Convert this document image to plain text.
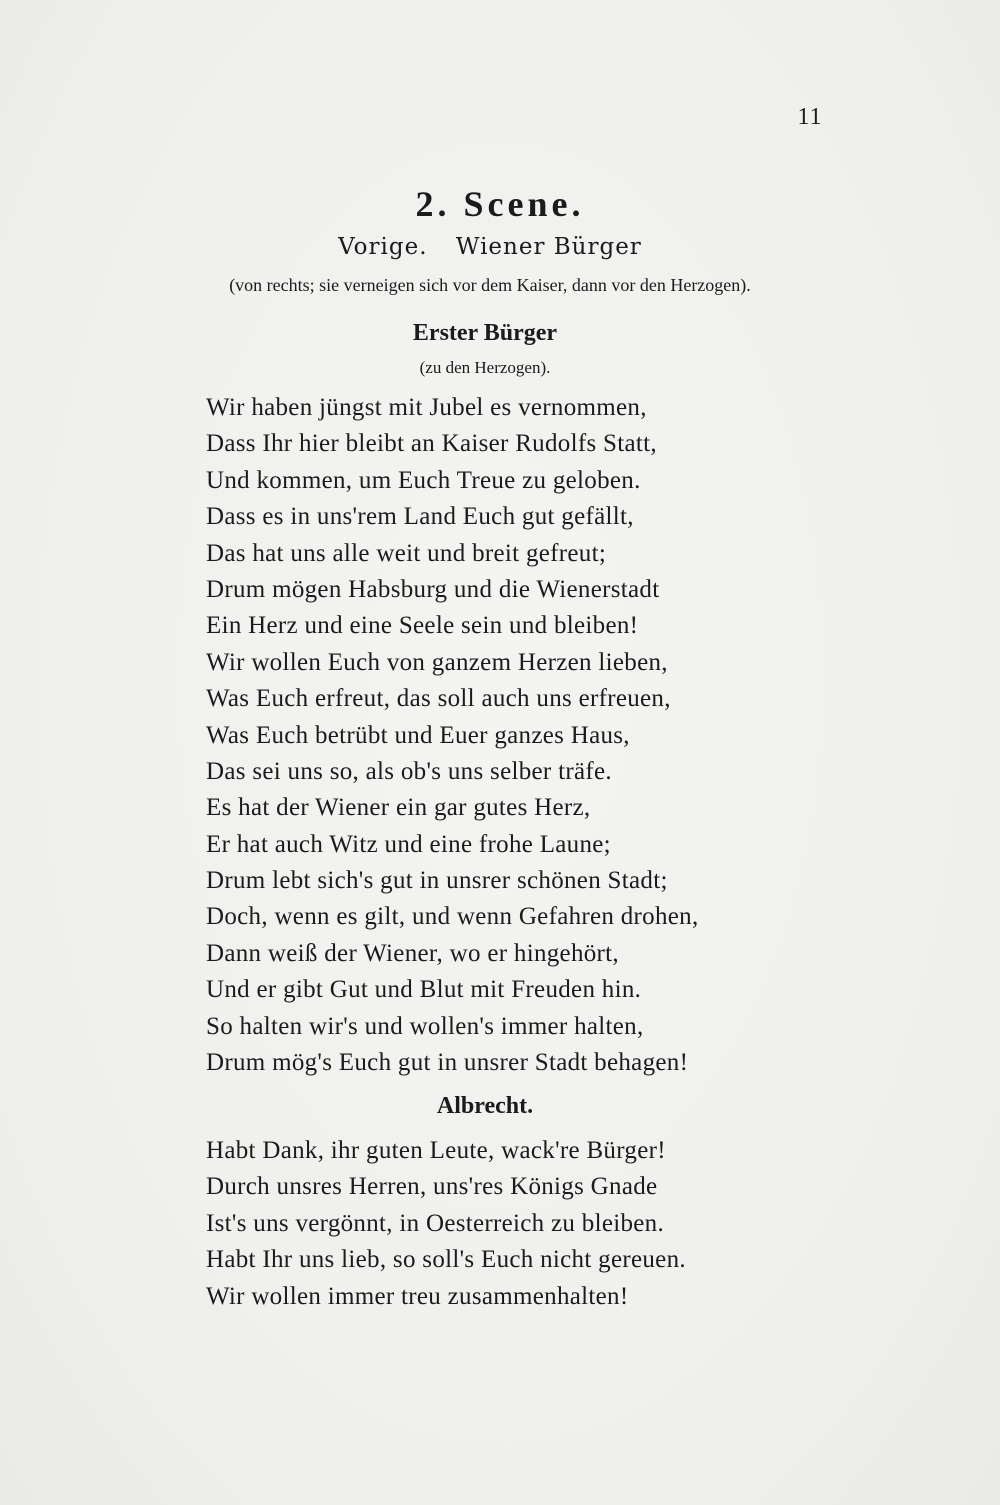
11
2. Scene.
Vorige. Wiener Bürger
(von rechts; sie verneigen sich vor dem Kaiser, dann vor den Herzogen).
Erster Bürger
(zu den Herzogen).
Wir haben jüngst mit Jubel es vernommen,
Dass Ihr hier bleibt an Kaiser Rudolfs Statt,
Und kommen, um Euch Treue zu geloben.
Dass es in uns'rem Land Euch gut gefällt,
Das hat uns alle weit und breit gefreut;
Drum mögen Habsburg und die Wienerstadt
Ein Herz und eine Seele sein und bleiben!
Wir wollen Euch von ganzem Herzen lieben,
Was Euch erfreut, das soll auch uns erfreuen,
Was Euch betrübt und Euer ganzes Haus,
Das sei uns so, als ob's uns selber träfe.
Es hat der Wiener ein gar gutes Herz,
Er hat auch Witz und eine frohe Laune;
Drum lebt sich's gut in unsrer schönen Stadt;
Doch, wenn es gilt, und wenn Gefahren drohen,
Dann weiß der Wiener, wo er hingehört,
Und er gibt Gut und Blut mit Freuden hin.
So halten wir's und wollen's immer halten,
Drum mög's Euch gut in unsrer Stadt behagen!
Albrecht.
Habt Dank, ihr guten Leute, wack're Bürger!
Durch unsres Herren, uns'res Königs Gnade
Ist's uns vergönnt, in Oesterreich zu bleiben.
Habt Ihr uns lieb, so soll's Euch nicht gereuen.
Wir wollen immer treu zusammenhalten!
